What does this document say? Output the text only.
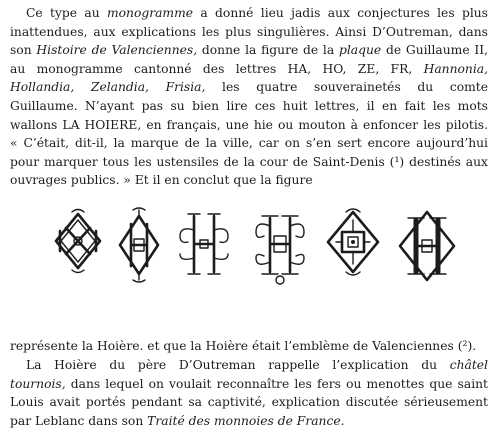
Ce type au monogramme a donné lieu jadis aux conjectures les plus
inattendues, aux explications les plus singulières. Ainsi D’Outreman, dans
son Histoire de Valenciennes, donne la figure de la plaque de Guillaume II,
au monogramme cantonné des lettres HA, HO, ZE, FR, Hannonia,
Hollandia, Zelandia, Frisia, les quatre souverainetés du comte
Guillaume. N’ayant pas su bien lire ces huit lettres, il en fait les mots
wallons LA HOIERE, en français, une hie ou mouton à enfoncer les pilotis.
« C’était, dit-il, la marque de la ville, car on s’en sert encore aujourd’hui
pour marquer tous les ustensiles de la cour de Saint-Denis (¹) destinés aux
ouvrages publics. » Et il en conclut que la figure
représente la Hoière. et que la Hoière était l’emblème de Valenciennes (²).
La Hoière du père D’Outreman rappelle l’explication du châtel
tournois, dans lequel on voulait reconnaître les fers ou menottes que saint
Louis avait portés pendant sa captivité, explication discutée sérieusement
par Leblanc dans son Traité des monnoies de France.
